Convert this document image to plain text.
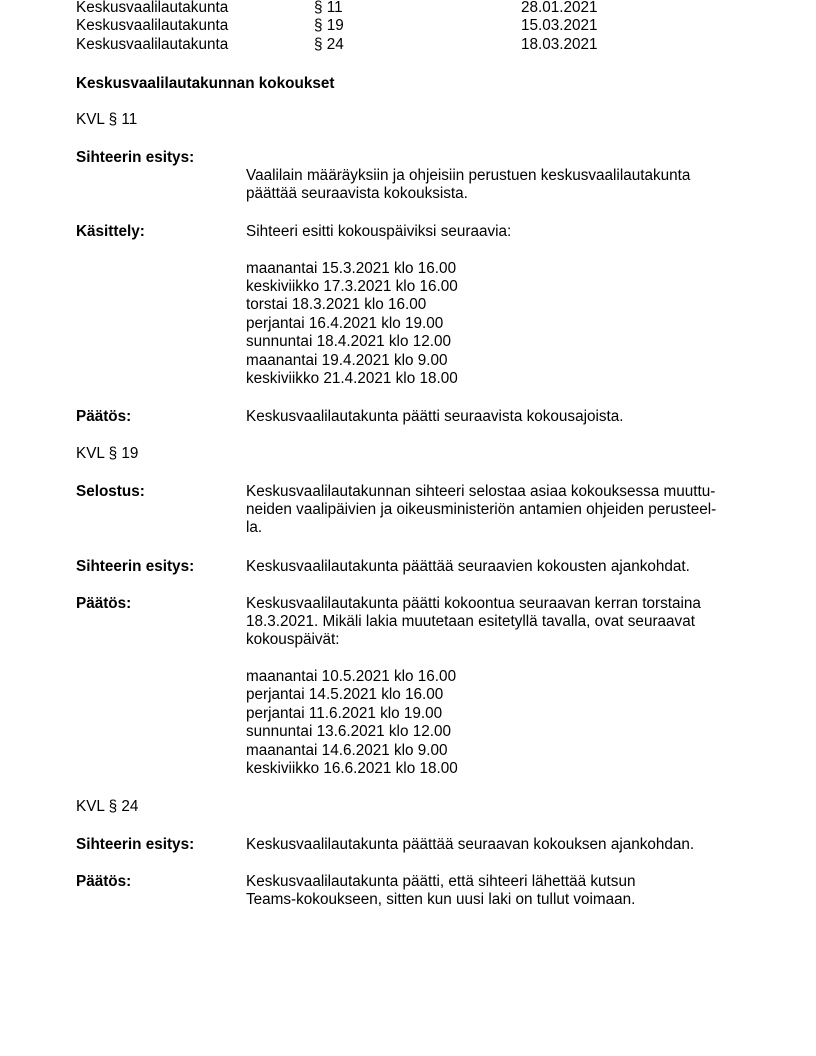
Keskusvaalilautakunta	§ 11	28.01.2021
Keskusvaalilautakunta	§ 19	15.03.2021
Keskusvaalilautakunta	§ 24	18.03.2021
Keskusvaalilautakunnan kokoukset
KVL § 11
Sihteerin esitys:
Vaalilain määräyksiin ja ohjeisiin perustuen keskusvaalilautakunta
päättää seuraavista kokouksista.
Käsittely:	Sihteeri esitti kokouspäiviksi seuraavia:
maanantai 15.3.2021 klo 16.00
keskiviikko 17.3.2021 klo 16.00
torstai 18.3.2021 klo 16.00
perjantai 16.4.2021 klo 19.00
sunnuntai 18.4.2021 klo 12.00
maanantai 19.4.2021 klo 9.00
keskiviikko 21.4.2021 klo 18.00
Päätös:	Keskusvaalilautakunta päätti seuraavista kokousajoista.
KVL § 19
Selostus:	Keskusvaalilautakunnan sihteeri selostaa asiaa kokouksessa muuttu-
neiden vaalipäivien ja oikeusministeriön antamien ohjeiden perusteel-
la.
Sihteerin esitys:	Keskusvaalilautakunta päättää seuraavien kokousten ajankohdat.
Päätös:	Keskusvaalilautakunta päätti kokoontua seuraavan kerran torstaina
18.3.2021. Mikäli lakia muutetaan esitetyllä tavalla, ovat seuraavat
kokouspäivät:
maanantai 10.5.2021 klo 16.00
perjantai 14.5.2021 klo 16.00
perjantai 11.6.2021 klo 19.00
sunnuntai 13.6.2021 klo 12.00
maanantai 14.6.2021 klo 9.00
keskiviikko 16.6.2021 klo 18.00
KVL § 24
Sihteerin esitys:	Keskusvaalilautakunta päättää seuraavan kokouksen ajankohdan.
Päätös:	Keskusvaalilautakunta päätti, että sihteeri lähettää kutsun
Teams-kokoukseen, sitten kun uusi laki on tullut voimaan.
